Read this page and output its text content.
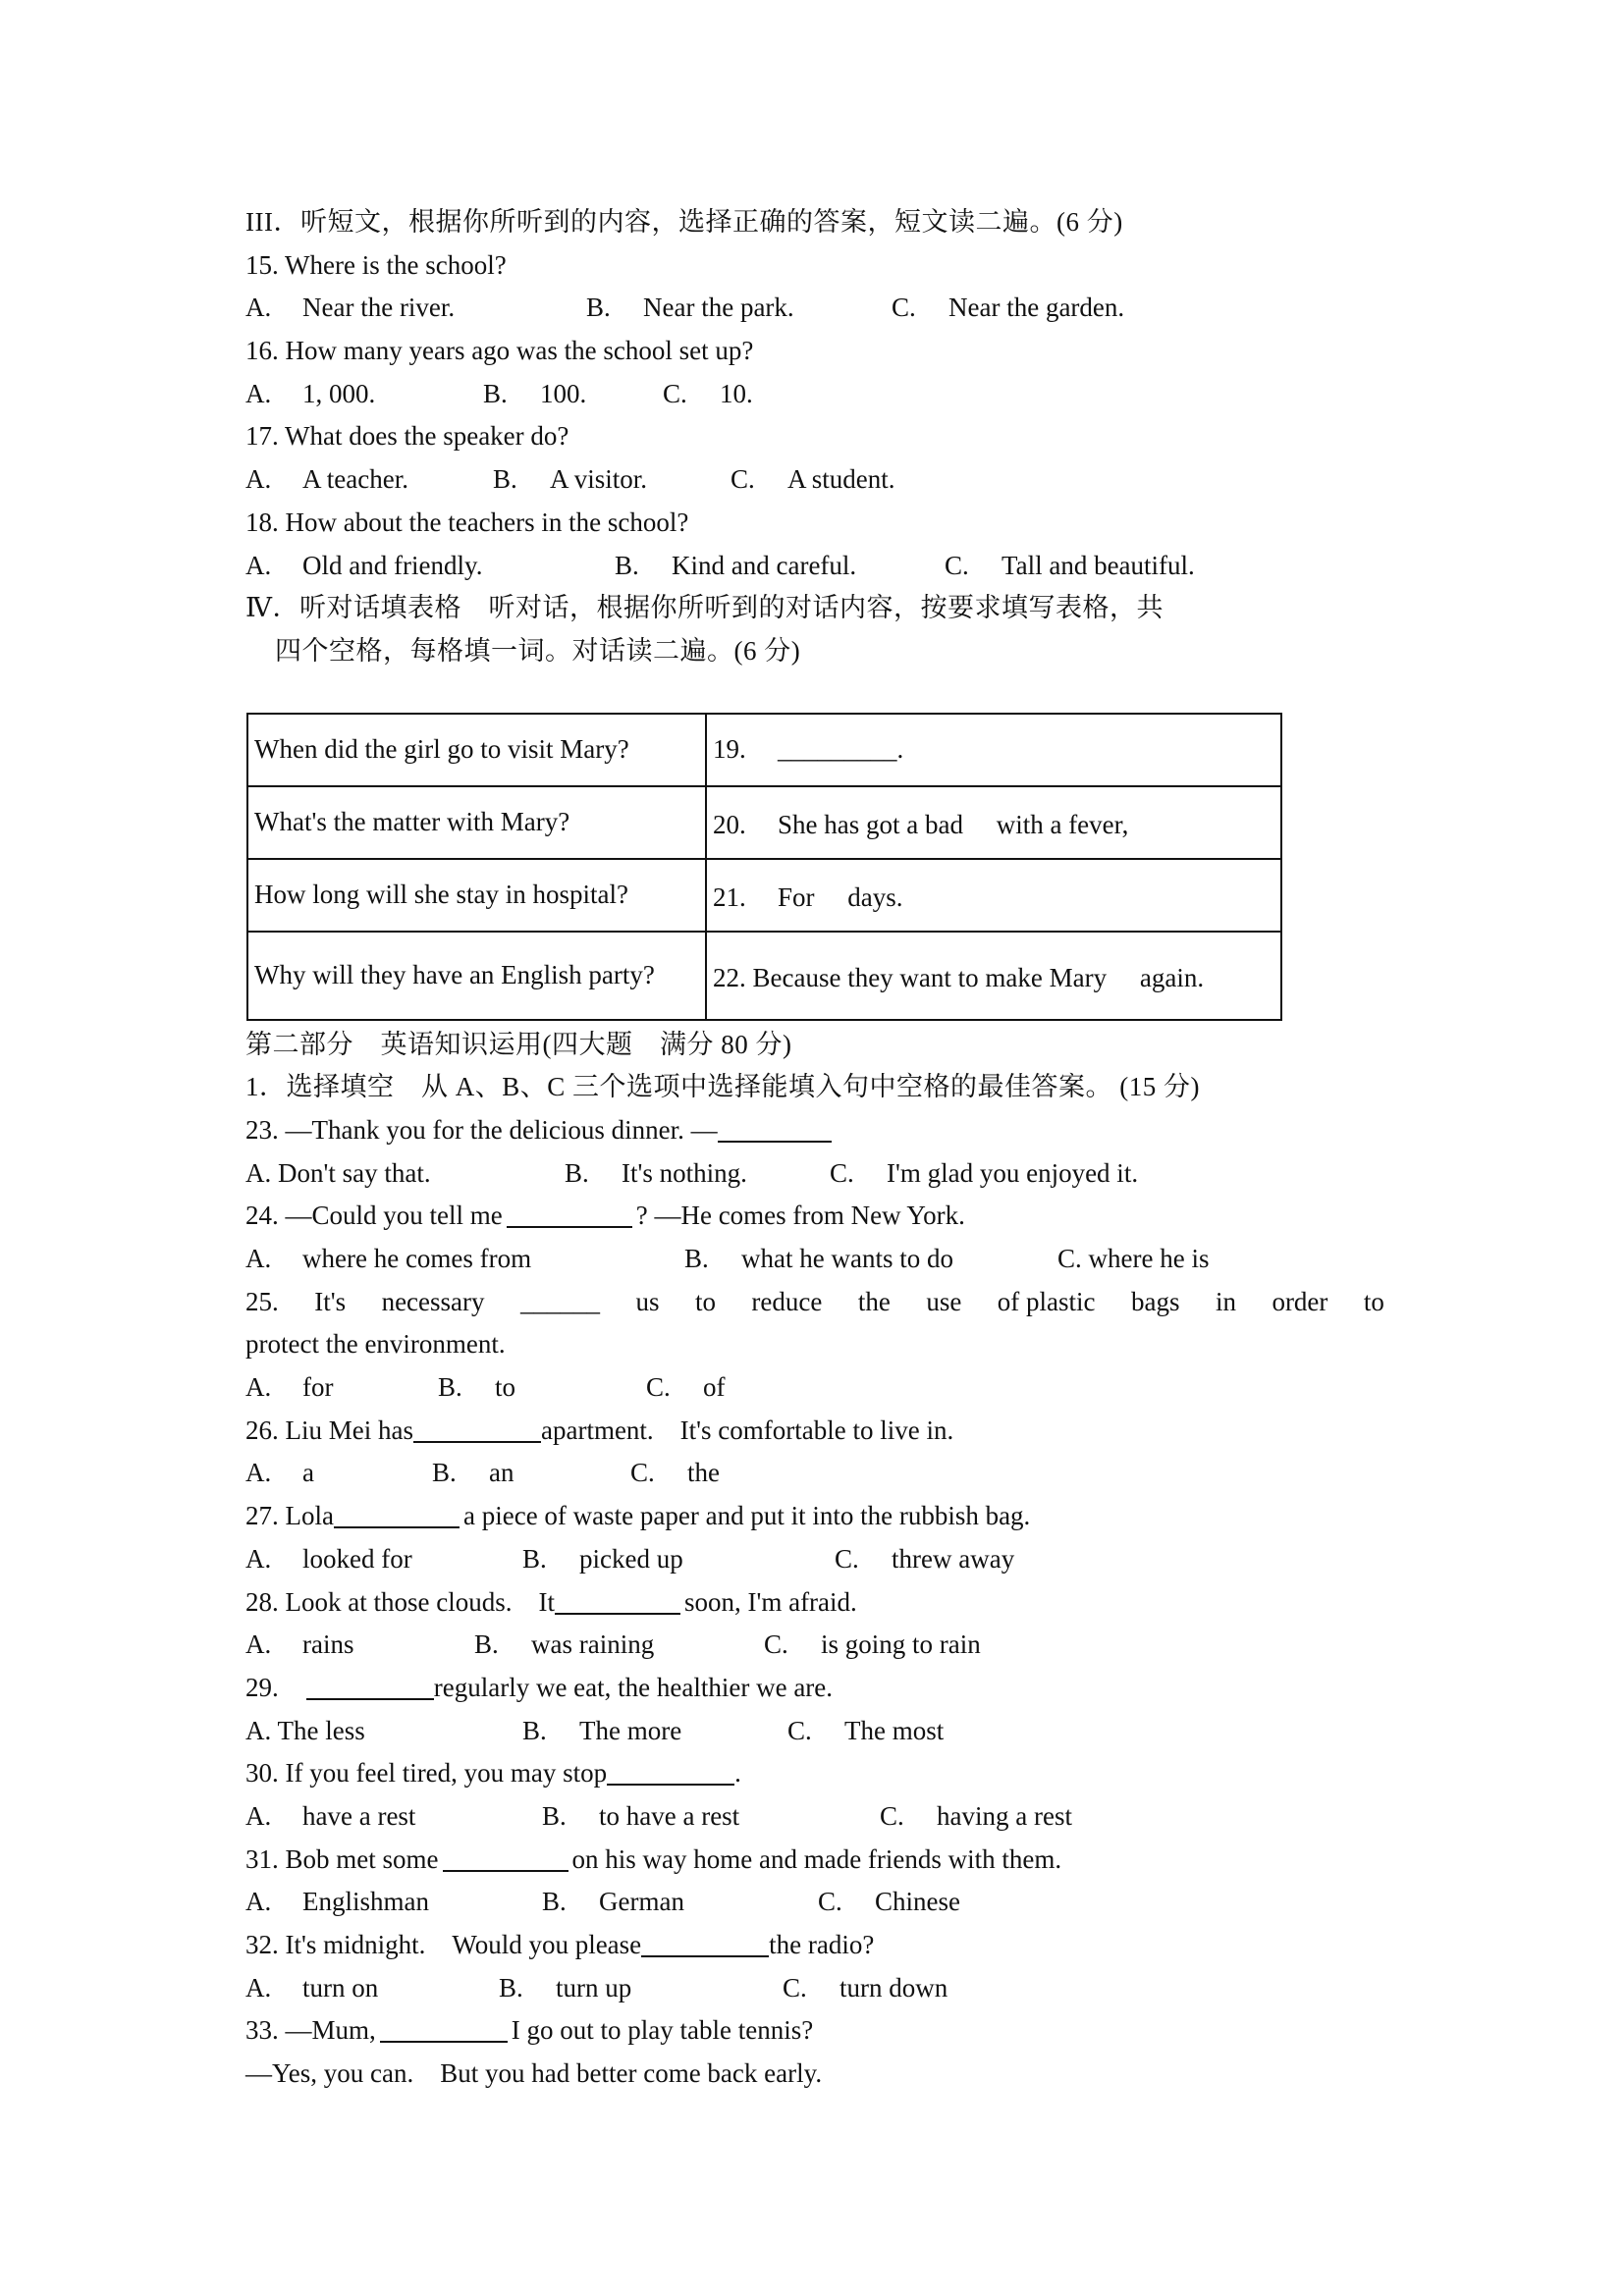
III．听短文，根据你所听到的内容，选择正确的答案，短文读二遍。(6 分)
15. Where is the school?
A. Near the river.	B. Near the park.	C. Near the garden.
16. How many years ago was the school set up?
A. 1, 000.	B. 100.	C. 10.
17. What does the speaker do?
A. A teacher.	B. A visitor.	C. A student.
18. How about the teachers in the school?
A. Old and friendly.	B. Kind and careful.	C. Tall and beautiful.
Ⅳ．听对话填表格　听对话，根据你所听到的对话内容，按要求填写表格，共
四个空格，每格填一词。对话读二遍。(6 分)
When did the girl go to visit Mary?	19. _________.
What's the matter with Mary?	20. She has got a bad　 with a fever,
How long will she stay in hospital?	21. For　 days.
Why will they have an English party?	22. Because they want to make Mary　 again.
第二部分　英语知识运用(四大题　满分 80 分)
1．选择填空　从 A、B、C 三个选项中选择能填入句中空格的最佳答案。 (15 分)
23. —Thank you for the delicious dinner. —
A. Don't say that.	B. It's nothing.	C. I'm glad you enjoyed it.
24. —Could you tell me	? —He comes from New York.
A. where he comes from	B. what he wants to do	C. where he is
25. It's necessary ______ us to reduce the use of plastic bags in order to
protect the environment.
A. for	B. to	C. of
26. Liu Mei has	apartment.　It's comfortable to live in.
A. a	B. an	C. the
27. Lola	a piece of waste paper and put it into the rubbish bag.
A. looked for	B. picked up	C. threw away
28. Look at those clouds.　It	soon, I'm afraid.
A. rains	B. was raining	C. is going to rain
29.	regularly we eat, the healthier we are.
A. The less	B. The more	C. The most
30. If you feel tired, you may stop	.
A. have a rest	B. to have a rest	C. having a rest
31. Bob met some	on his way home and made friends with them.
A. Englishman	B. German	C. Chinese
32. It's midnight.　Would you please	the radio?
A. turn on	B. turn up	C. turn down
33. —Mum,	I go out to play table tennis?
—Yes, you can.　But you had better come back early.
